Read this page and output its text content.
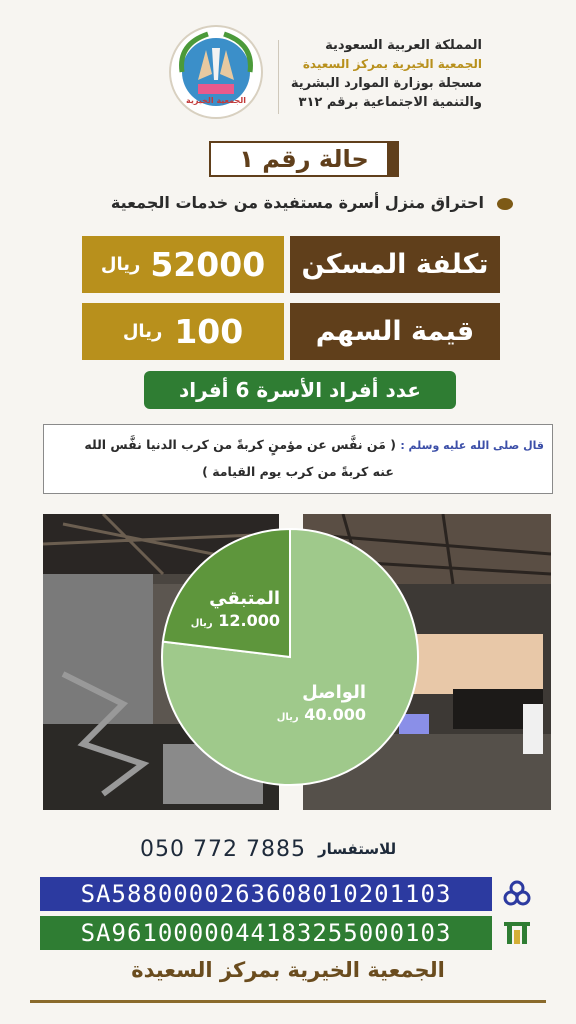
الجمعية الخيرية
المملكة العربية السعودية
الجمعية الخيرية بمركز السعيدة
مسجلة بوزارة الموارد البشرية
والتنمية الاجتماعية برقم ٣١٢
حالة رقم ١
احتراق منزل أسرة مستفيدة من خدمات الجمعية
تكلفة المسكن
52000
ريال
قيمة السهم
100
ريال
عدد أفراد الأسرة 6 أفراد
قال صلى الله عليه وسلم : ( مَن نفَّس عن مؤمنٍ كربةً من كرب الدنيا نفَّس الله
عنه كربةً من كرب يوم القيامة )
المتبقي
12.000 ريال
الواصل
40.000 ريال
050 772 7885 للاستفسار
SA5880000263608010201103
SA9610000044183255000103
الجمعية الخيرية بمركز السعيدة
